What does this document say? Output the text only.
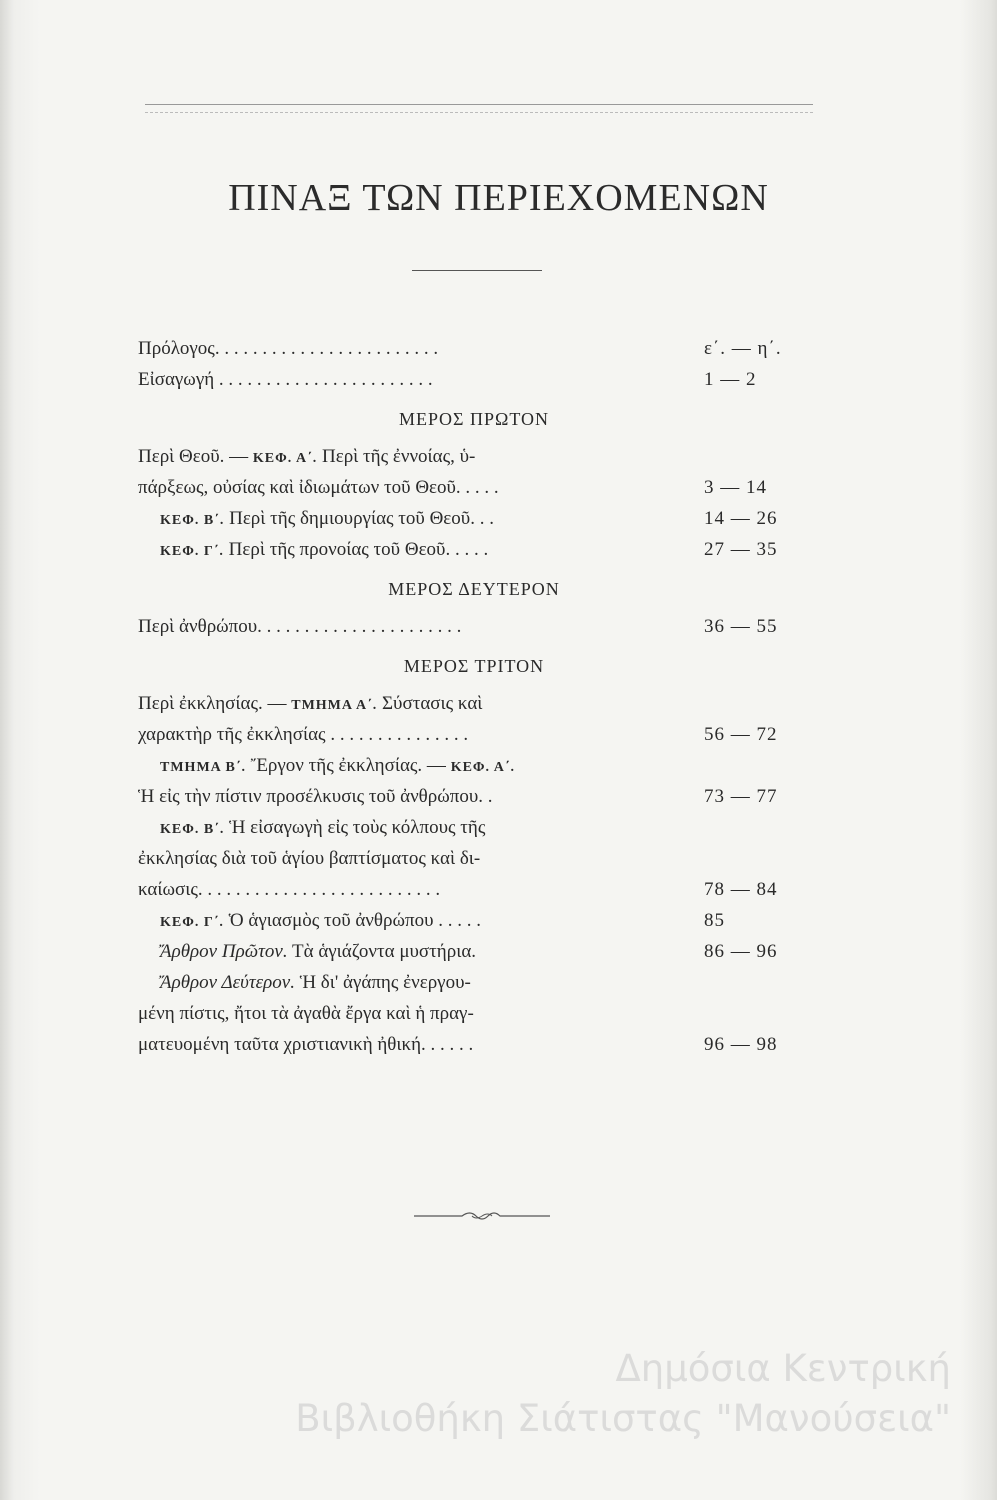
ΠΙΝΑΞ ΤΩΝ ΠΕΡΙΕΧΟΜΕΝΩΝ
Πρόλογος. . . . . . . . . . . . . . . . . . . . . . . .	ε΄. — η΄.
Εἰσαγωγή . . . . . . . . . . . . . . . . . . . . . . .	1 — 2
ΜΕΡΟΣ ΠΡΩΤΟΝ
Περὶ Θεοῦ. — ΚΕΦ. Α΄. Περὶ τῆς ἐννοίας, ὑ-
πάρξεως, οὐσίας καὶ ἰδιωμάτων τοῦ Θεοῦ. . . . .	3 — 14
ΚΕΦ. Β΄. Περὶ τῆς δημιουργίας τοῦ Θεοῦ. . .	14 — 26
ΚΕΦ. Γ΄. Περὶ τῆς προνοίας τοῦ Θεοῦ. . . . .	27 — 35
ΜΕΡΟΣ ΔΕΥΤΕΡΟΝ
Περὶ ἀνθρώπου. . . . . . . . . . . . . . . . . . . . . .	36 — 55
ΜΕΡΟΣ ΤΡΙΤΟΝ
Περὶ ἐκκλησίας. — ΤΜΗΜΑ Α΄. Σύστασις καὶ
χαρακτὴρ τῆς ἐκκλησίας . . . . . . . . . . . . . . .	56 — 72
ΤΜΗΜΑ Β΄. Ἔργον τῆς ἐκκλησίας. — ΚΕΦ. Α΄.
Ἡ εἰς τὴν πίστιν προσέλκυσις τοῦ ἀνθρώπου. .	73 — 77
ΚΕΦ. Β΄. Ἡ εἰσαγωγὴ εἰς τοὺς κόλπους τῆς
ἐκκλησίας διὰ τοῦ ἁγίου βαπτίσματος καὶ δι-
καίωσις. . . . . . . . . . . . . . . . . . . . . . . . . .	78 — 84
ΚΕΦ. Γ΄. Ὁ ἁγιασμὸς τοῦ ἀνθρώπου . . . . .	85
Ἄρθρον Πρῶτον. Τὰ ἁγιάζοντα μυστήρια.	86 — 96
Ἄρθρον Δεύτερον. Ἡ δι' ἀγάπης ἐνεργου-
μένη πίστις, ἤτοι τὰ ἀγαθὰ ἔργα καὶ ἡ πραγ-
ματευομένη ταῦτα χριστιανικὴ ἠθική. . . . . .	96 — 98
Δημόσια Κεντρική
Βιβλιοθήκη Σιάτιστας "Μανούσεια"
